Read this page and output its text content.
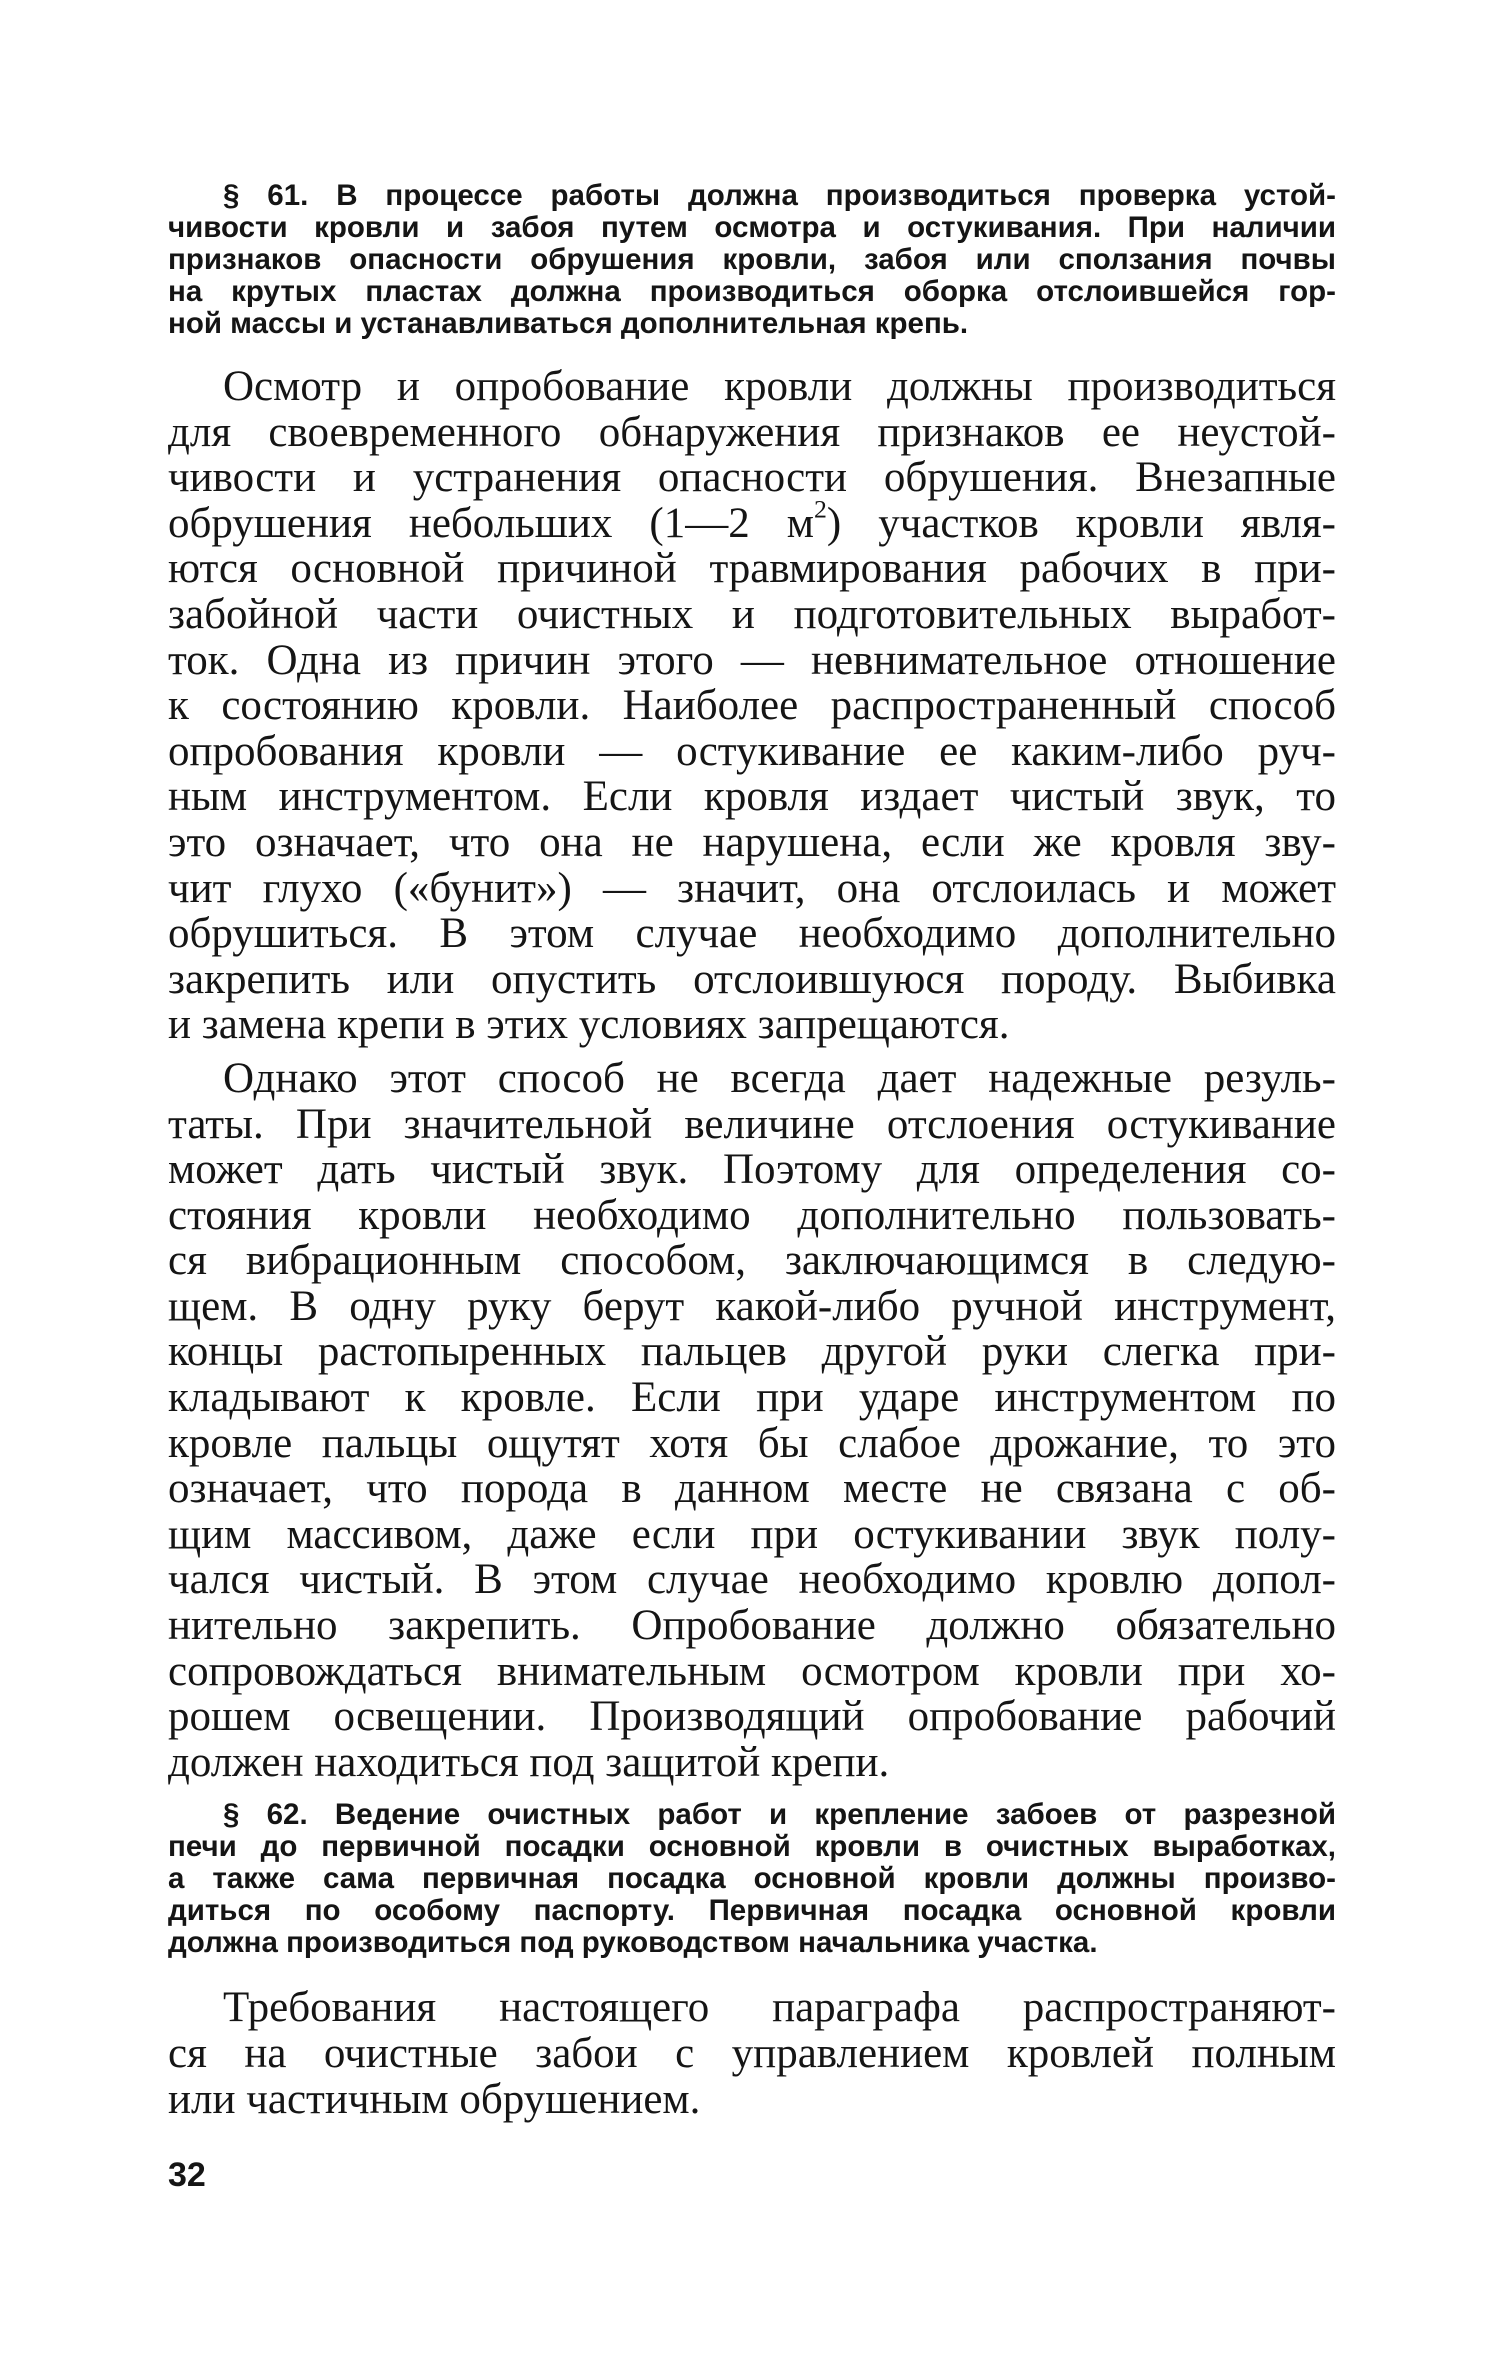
§ 61. В процессе работы должна производиться проверка устой-
чивости кровли и забоя путем осмотра и остукивания. При наличии
признаков опасности обрушения кровли, забоя или сползания почвы
на крутых пластах должна производиться оборка отслоившейся гор-
ной массы и устанавливаться дополнительная крепь.
Осмотр и опробование кровли должны производиться
для своевременного обнаружения признаков ее неустой-
чивости и устранения опасности обрушения. Внезапные
обрушения небольших (1—2 $м^2$) участков кровли явля-
ются основной причиной травмирования рабочих в при-
забойной части очистных и подготовительных выработ-
ток. Одна из причин этого — невнимательное отношение
к состоянию кровли. Наиболее распространенный способ
опробования кровли — остукивание ее каким-либо руч-
ным инструментом. Если кровля издает чистый звук, то
это означает, что она не нарушена, если же кровля зву-
чит глухо («бунит») — значит, она отслоилась и может
обрушиться. В этом случае необходимо дополнительно
закрепить или опустить отслоившуюся породу. Выбивка
и замена крепи в этих условиях запрещаются.
Однако этот способ не всегда дает надежные резуль-
таты. При значительной величине отслоения остукивание
может дать чистый звук. Поэтому для определения со-
стояния кровли необходимо дополнительно пользовать-
ся вибрационным способом, заключающимся в следую-
щем. В одну руку берут какой-либо ручной инструмент,
концы растопыренных пальцев другой руки слегка при-
кладывают к кровле. Если при ударе инструментом по
кровле пальцы ощутят хотя бы слабое дрожание, то это
означает, что порода в данном месте не связана с об-
щим массивом, даже если при остукивании звук полу-
чался чистый. В этом случае необходимо кровлю допол-
нительно закрепить. Опробование должно обязательно
сопровождаться внимательным осмотром кровли при хо-
рошем освещении. Производящий опробование рабочий
должен находиться под защитой крепи.
§ 62. Ведение очистных работ и крепление забоев от разрезной
печи до первичной посадки основной кровли в очистных выработках,
а также сама первичная посадка основной кровли должны произво-
диться по особому паспорту. Первичная посадка основной кровли
должна производиться под руководством начальника участка.
Требования настоящего параграфа распространяют-
ся на очистные забои с управлением кровлей полным
или частичным обрушением.
32
